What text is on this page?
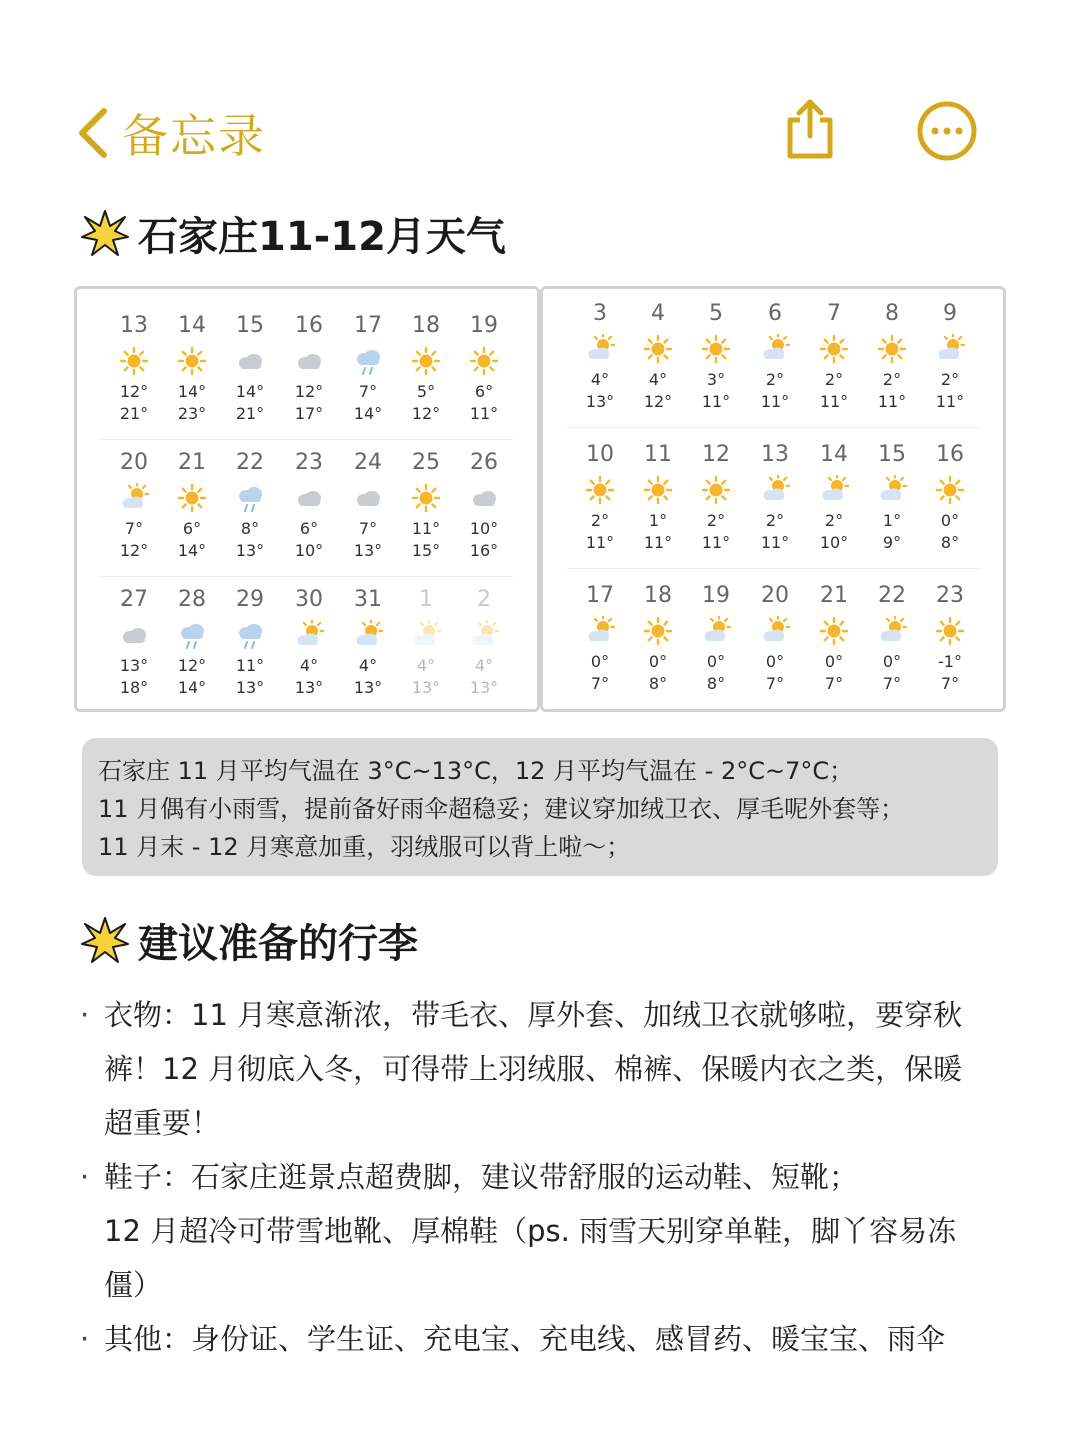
备忘录
石家庄11-12月天气
13
12°
21°
14
14°
23°
15
14°
21°
16
12°
17°
17
7°
14°
18
5°
12°
19
6°
11°
20
7°
12°
21
6°
14°
22
8°
13°
23
6°
10°
24
7°
13°
25
11°
15°
26
10°
16°
27
13°
18°
28
12°
14°
29
11°
13°
30
4°
13°
31
4°
13°
1
4°
13°
2
4°
13°
3
4°
13°
4
4°
12°
5
3°
11°
6
2°
11°
7
2°
11°
8
2°
11°
9
2°
11°
10
2°
11°
11
1°
11°
12
2°
11°
13
2°
11°
14
2°
10°
15
1°
9°
16
0°
8°
17
0°
7°
18
0°
8°
19
0°
8°
20
0°
7°
21
0°
7°
22
0°
7°
23
-1°
7°

石家庄 11 月平均气温在 3°C~13°C，12 月平均气温在 - 2°C~7°C；

11 月偶有小雨雪，提前备好雨伞超稳妥；建议穿加绒卫衣、厚毛呢外套等；

11 月末 - 12 月寒意加重，羽绒服可以背上啦～；

建议准备的行李
· 衣物：11 月寒意渐浓，带毛衣、厚外套、加绒卫衣就够啦，要穿秋
裤！12 月彻底入冬，可得带上羽绒服、棉裤、保暖内衣之类，保暖
超重要！
· 鞋子：石家庄逛景点超费脚，建议带舒服的运动鞋、短靴；
12 月超冷可带雪地靴、厚棉鞋（ps. 雨雪天别穿单鞋，脚丫容易冻
僵）
· 其他：身份证、学生证、充电宝、充电线、感冒药、暖宝宝、雨伞
